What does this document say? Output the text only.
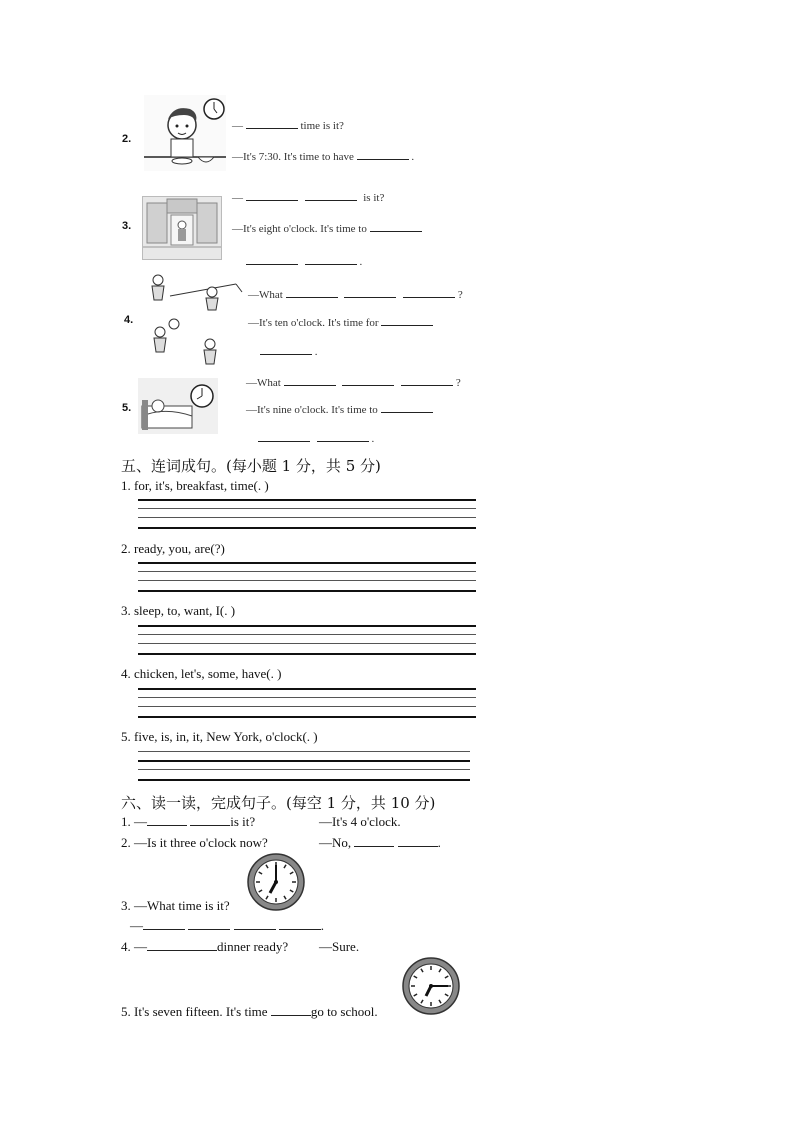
2.
—	time is it?
—It's 7:30. It's time to have	.
3.
—	is it?
—It's eight o'clock. It's time to
.
4.
—What	?
—It's ten o'clock. It's time for
.
5.
—What	?
—It's nine o'clock. It's time to
.
五、连词成句。(每小题 1 分，共 5 分)
1. for, it's, breakfast, time(. )
2. ready, you, are(?)
3. sleep, to, want, I(. )
4. chicken, let's, some, have(. )
5. five, is, in, it, New York, o'clock(. )
六、读一读，完成句子。(每空 1 分，共 10 分)
1. —	is it?	—It's 4 o'clock.
2. —Is it three o'clock now?	—No,	.
3. —What time is it?
—	.
4. —	dinner ready? —Sure.
5. It's seven fifteen. It's time	go to school.
